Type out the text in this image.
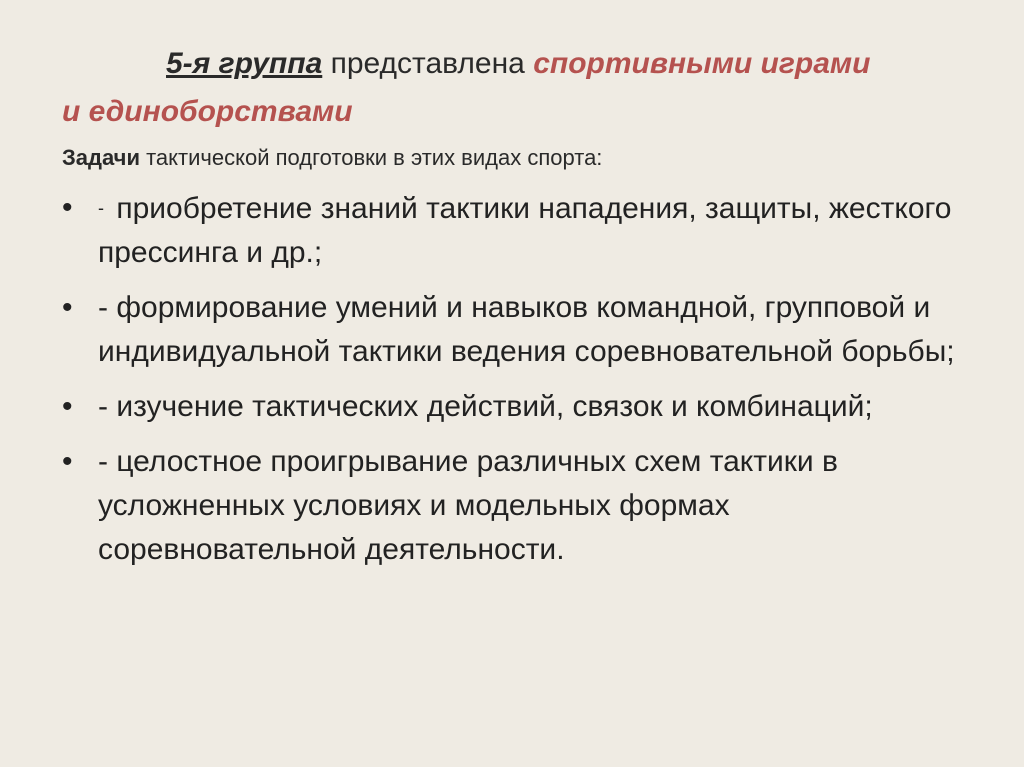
5-я группа представлена спортивными играми и единоборствами
Задачи тактической подготовки в этих видах спорта:
• - приобретение знаний тактики нападения, защиты, жесткого прессинга и др.;
• - формирование умений и навыков командной, групповой и индивидуальной тактики ведения соревновательной борьбы;
• - изучение тактических действий, связок и комбинаций;
• - целостное проигрывание различных схем тактики в усложненных условиях и модельных формах соревновательной деятельности.
